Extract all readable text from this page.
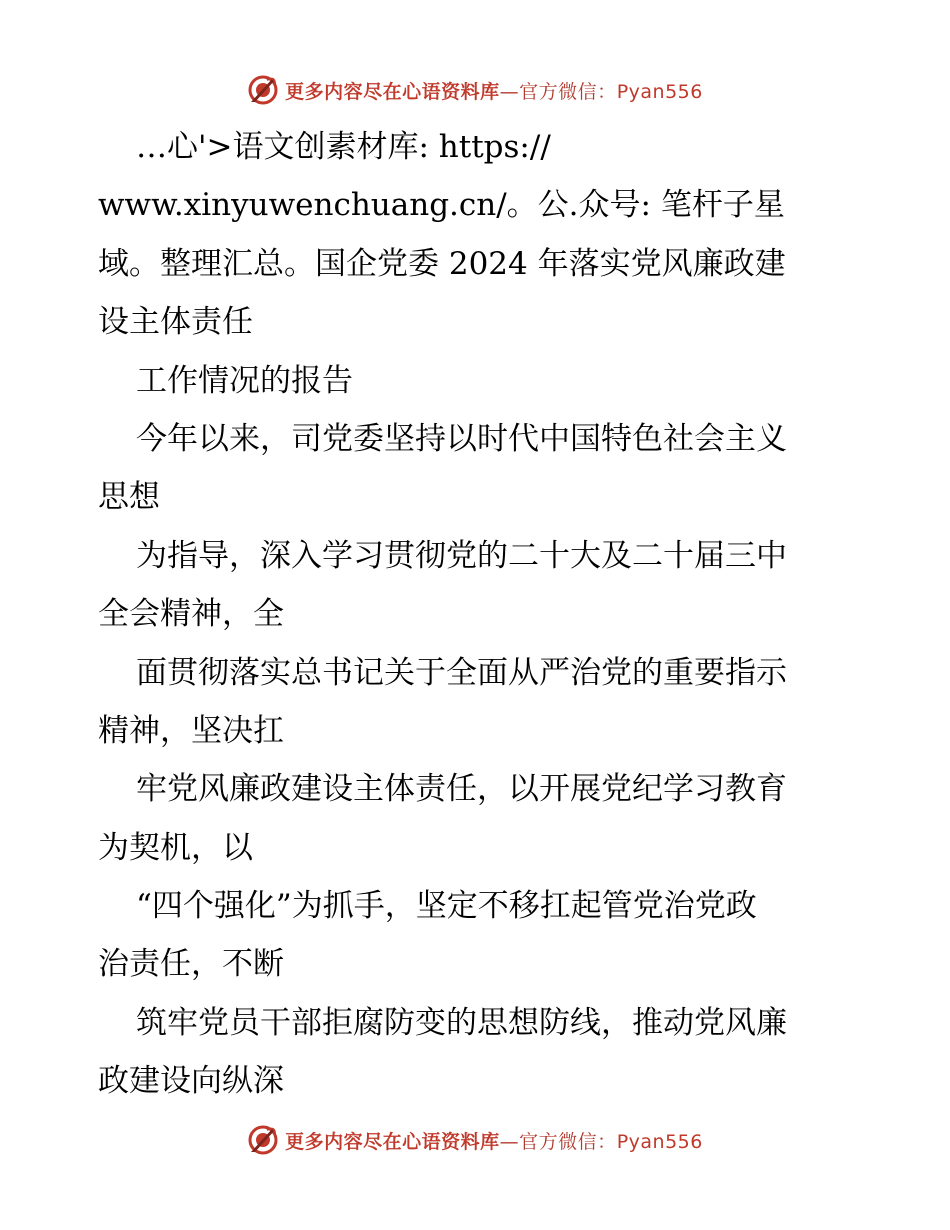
更多内容尽在心语资料库—官方微信：Pyan556
…心'>语文创素材库: https://
www.xinyuwenchuang.cn/。公.众号: 笔杆子星
域。整理汇总。国企党委 2024 年落实党风廉政建
设主体责任
工作情况的报告
今年以来，司党委坚持以时代中国特色社会主义
思想
为指导，深入学习贯彻党的二十大及二十届三中
全会精神，全
面贯彻落实总书记关于全面从严治党的重要指示
精神，坚决扛
牢党风廉政建设主体责任，以开展党纪学习教育
为契机，以
“四个强化”为抓手，坚定不移扛起管党治党政
治责任，不断
筑牢党员干部拒腐防变的思想防线，推动党风廉
政建设向纵深
更多内容尽在心语资料库—官方微信：Pyan556
